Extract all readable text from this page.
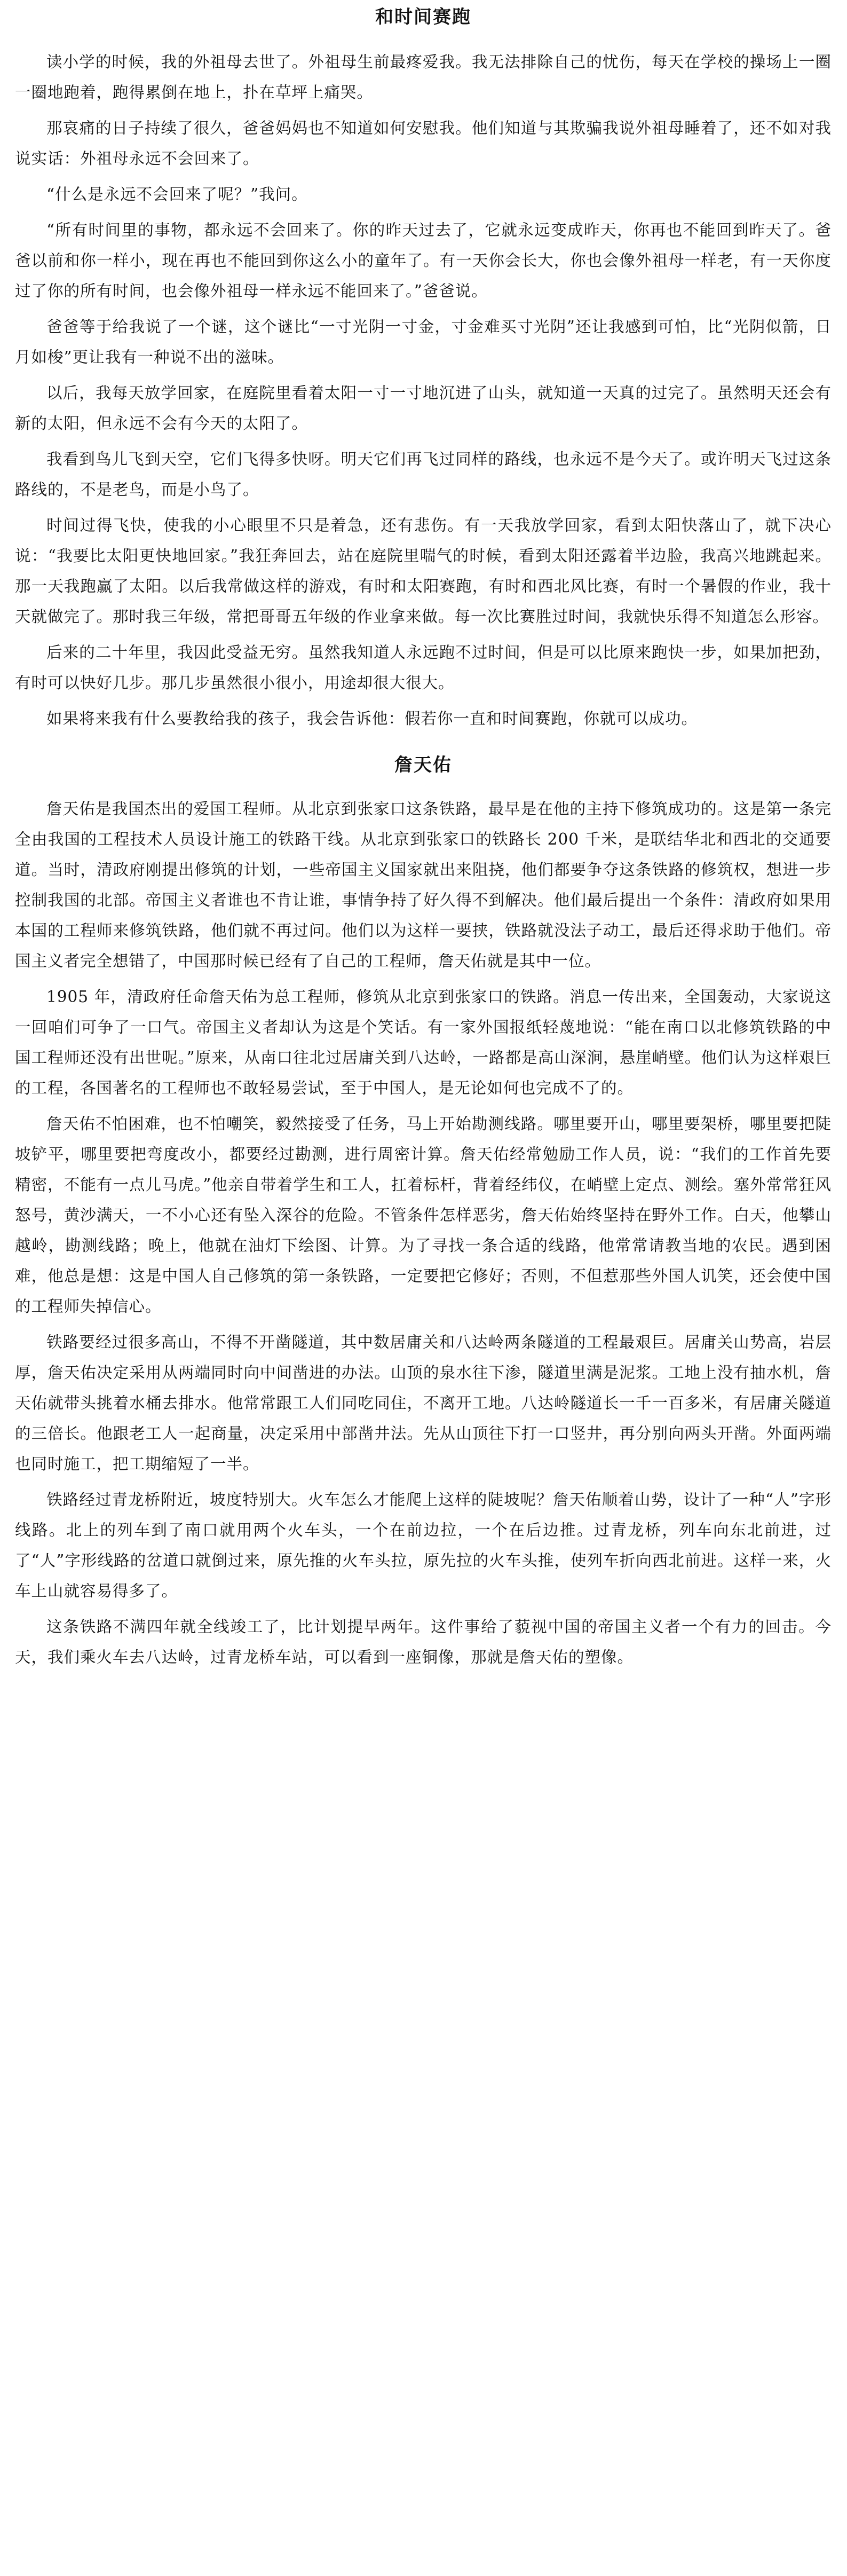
和时间赛跑

读小学的时候，我的外祖母去世了。外祖母生前最疼爱我。我无法排除自己的忧伤，每天在学校的操场上一圈一圈地跑着，跑得累倒在地上，扑在草坪上痛哭。

那哀痛的日子持续了很久，爸爸妈妈也不知道如何安慰我。他们知道与其欺骗我说外祖母睡着了，还不如对我说实话：外祖母永远不会回来了。

“什么是永远不会回来了呢？”我问。

“所有时间里的事物，都永远不会回来了。你的昨天过去了，它就永远变成昨天，你再也不能回到昨天了。爸爸以前和你一样小，现在再也不能回到你这么小的童年了。有一天你会长大，你也会像外祖母一样老，有一天你度过了你的所有时间，也会像外祖母一样永远不能回来了。”爸爸说。

爸爸等于给我说了一个谜，这个谜比“一寸光阴一寸金，寸金难买寸光阴”还让我感到可怕，比“光阴似箭，日月如梭”更让我有一种说不出的滋味。

以后，我每天放学回家，在庭院里看着太阳一寸一寸地沉进了山头，就知道一天真的过完了。虽然明天还会有新的太阳，但永远不会有今天的太阳了。

我看到鸟儿飞到天空，它们飞得多快呀。明天它们再飞过同样的路线，也永远不是今天了。或许明天飞过这条路线的，不是老鸟，而是小鸟了。

时间过得飞快，使我的小心眼里不只是着急，还有悲伤。有一天我放学回家，看到太阳快落山了，就下决心说：“我要比太阳更快地回家。”我狂奔回去，站在庭院里喘气的时候，看到太阳还露着半边脸，我高兴地跳起来。那一天我跑赢了太阳。以后我常做这样的游戏，有时和太阳赛跑，有时和西北风比赛，有时一个暑假的作业，我十天就做完了。那时我三年级，常把哥哥五年级的作业拿来做。每一次比赛胜过时间，我就快乐得不知道怎么形容。

后来的二十年里，我因此受益无穷。虽然我知道人永远跑不过时间，但是可以比原来跑快一步，如果加把劲，有时可以快好几步。那几步虽然很小很小，用途却很大很大。

如果将来我有什么要教给我的孩子，我会告诉他：假若你一直和时间赛跑，你就可以成功。

詹天佑

詹天佑是我国杰出的爱国工程师。从北京到张家口这条铁路，最早是在他的主持下修筑成功的。这是第一条完全由我国的工程技术人员设计施工的铁路干线。从北京到张家口的铁路长 200 千米，是联结华北和西北的交通要道。当时，清政府刚提出修筑的计划，一些帝国主义国家就出来阻挠，他们都要争夺这条铁路的修筑权，想进一步控制我国的北部。帝国主义者谁也不肯让谁，事情争持了好久得不到解决。他们最后提出一个条件：清政府如果用本国的工程师来修筑铁路，他们就不再过问。他们以为这样一要挟，铁路就没法子动工，最后还得求助于他们。帝国主义者完全想错了，中国那时候已经有了自己的工程师，詹天佑就是其中一位。

1905 年，清政府任命詹天佑为总工程师，修筑从北京到张家口的铁路。消息一传出来，全国轰动，大家说这一回咱们可争了一口气。帝国主义者却认为这是个笑话。有一家外国报纸轻蔑地说：“能在南口以北修筑铁路的中国工程师还没有出世呢。”原来，从南口往北过居庸关到八达岭，一路都是高山深涧，悬崖峭壁。他们认为这样艰巨的工程，各国著名的工程师也不敢轻易尝试，至于中国人，是无论如何也完成不了的。

詹天佑不怕困难，也不怕嘲笑，毅然接受了任务，马上开始勘测线路。哪里要开山，哪里要架桥，哪里要把陡坡铲平，哪里要把弯度改小，都要经过勘测，进行周密计算。詹天佑经常勉励工作人员，说：“我们的工作首先要精密，不能有一点儿马虎。”他亲自带着学生和工人，扛着标杆，背着经纬仪，在峭壁上定点、测绘。塞外常常狂风怒号，黄沙满天，一不小心还有坠入深谷的危险。不管条件怎样恶劣，詹天佑始终坚持在野外工作。白天，他攀山越岭，勘测线路；晚上，他就在油灯下绘图、计算。为了寻找一条合适的线路，他常常请教当地的农民。遇到困难，他总是想：这是中国人自己修筑的第一条铁路，一定要把它修好；否则，不但惹那些外国人讥笑，还会使中国的工程师失掉信心。

铁路要经过很多高山，不得不开凿隧道，其中数居庸关和八达岭两条隧道的工程最艰巨。居庸关山势高，岩层厚，詹天佑决定采用从两端同时向中间凿进的办法。山顶的泉水往下渗，隧道里满是泥浆。工地上没有抽水机，詹天佑就带头挑着水桶去排水。他常常跟工人们同吃同住，不离开工地。八达岭隧道长一千一百多米，有居庸关隧道的三倍长。他跟老工人一起商量，决定采用中部凿井法。先从山顶往下打一口竖井，再分别向两头开凿。外面两端也同时施工，把工期缩短了一半。

铁路经过青龙桥附近，坡度特别大。火车怎么才能爬上这样的陡坡呢？詹天佑顺着山势，设计了一种“人”字形线路。北上的列车到了南口就用两个火车头，一个在前边拉，一个在后边推。过青龙桥，列车向东北前进，过了“人”字形线路的岔道口就倒过来，原先推的火车头拉，原先拉的火车头推，使列车折向西北前进。这样一来，火车上山就容易得多了。

这条铁路不满四年就全线竣工了，比计划提早两年。这件事给了藐视中国的帝国主义者一个有力的回击。今天，我们乘火车去八达岭，过青龙桥车站，可以看到一座铜像，那就是詹天佑的塑像。
